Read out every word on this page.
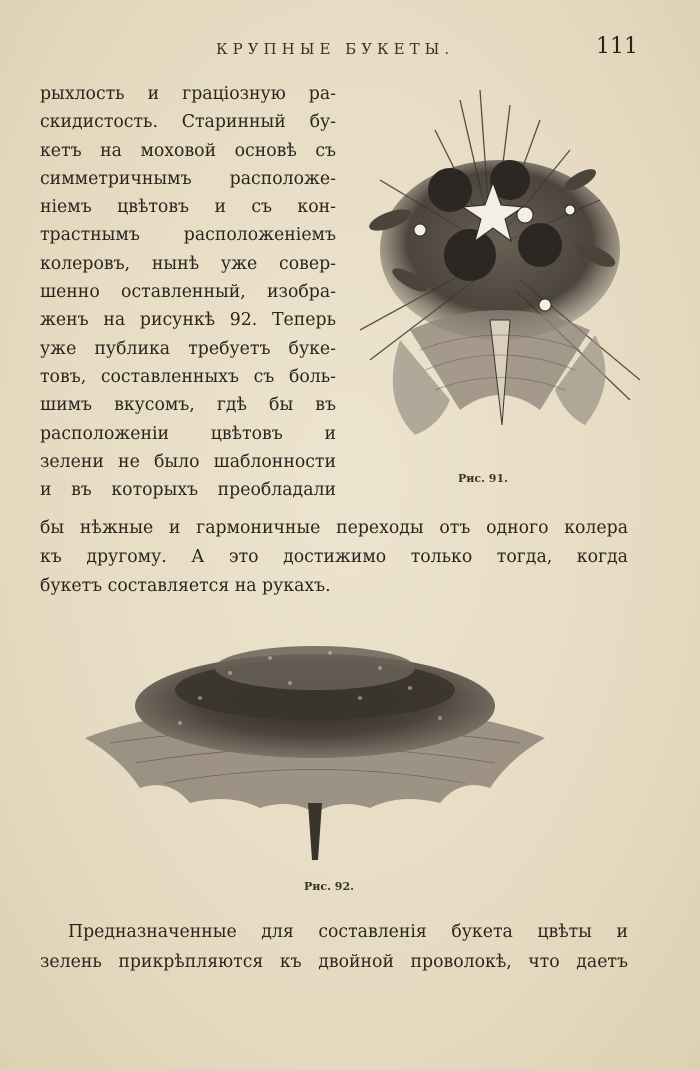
КРУПНЫЕ БУКЕТЫ.	111
рыхлость и граціозную ра-
скидистость. Старинный бу-
кетъ на моховой основѣ съ
симметричнымъ расположе-
ніемъ цвѣтовъ и съ кон-
трастнымъ расположеніемъ
колеровъ, нынѣ уже совер-
шенно оставленный, изобра-
женъ на рисункѣ 92. Теперь
уже публика требуетъ буке-
товъ, составленныхъ съ боль-
шимъ вкусомъ, гдѣ бы въ
расположеніи цвѣтовъ и
зелени не было шаблонности
и въ которыхъ преобладали
Рис. 91.
бы нѣжные и гармоничные переходы отъ одного колера
къ другому. А это достижимо только тогда, когда
букетъ составляется на рукахъ.
Рис. 92.
Предназначенные для составленія букета цвѣты и
зелень прикрѣпляются къ двойной проволокѣ, что даетъ
